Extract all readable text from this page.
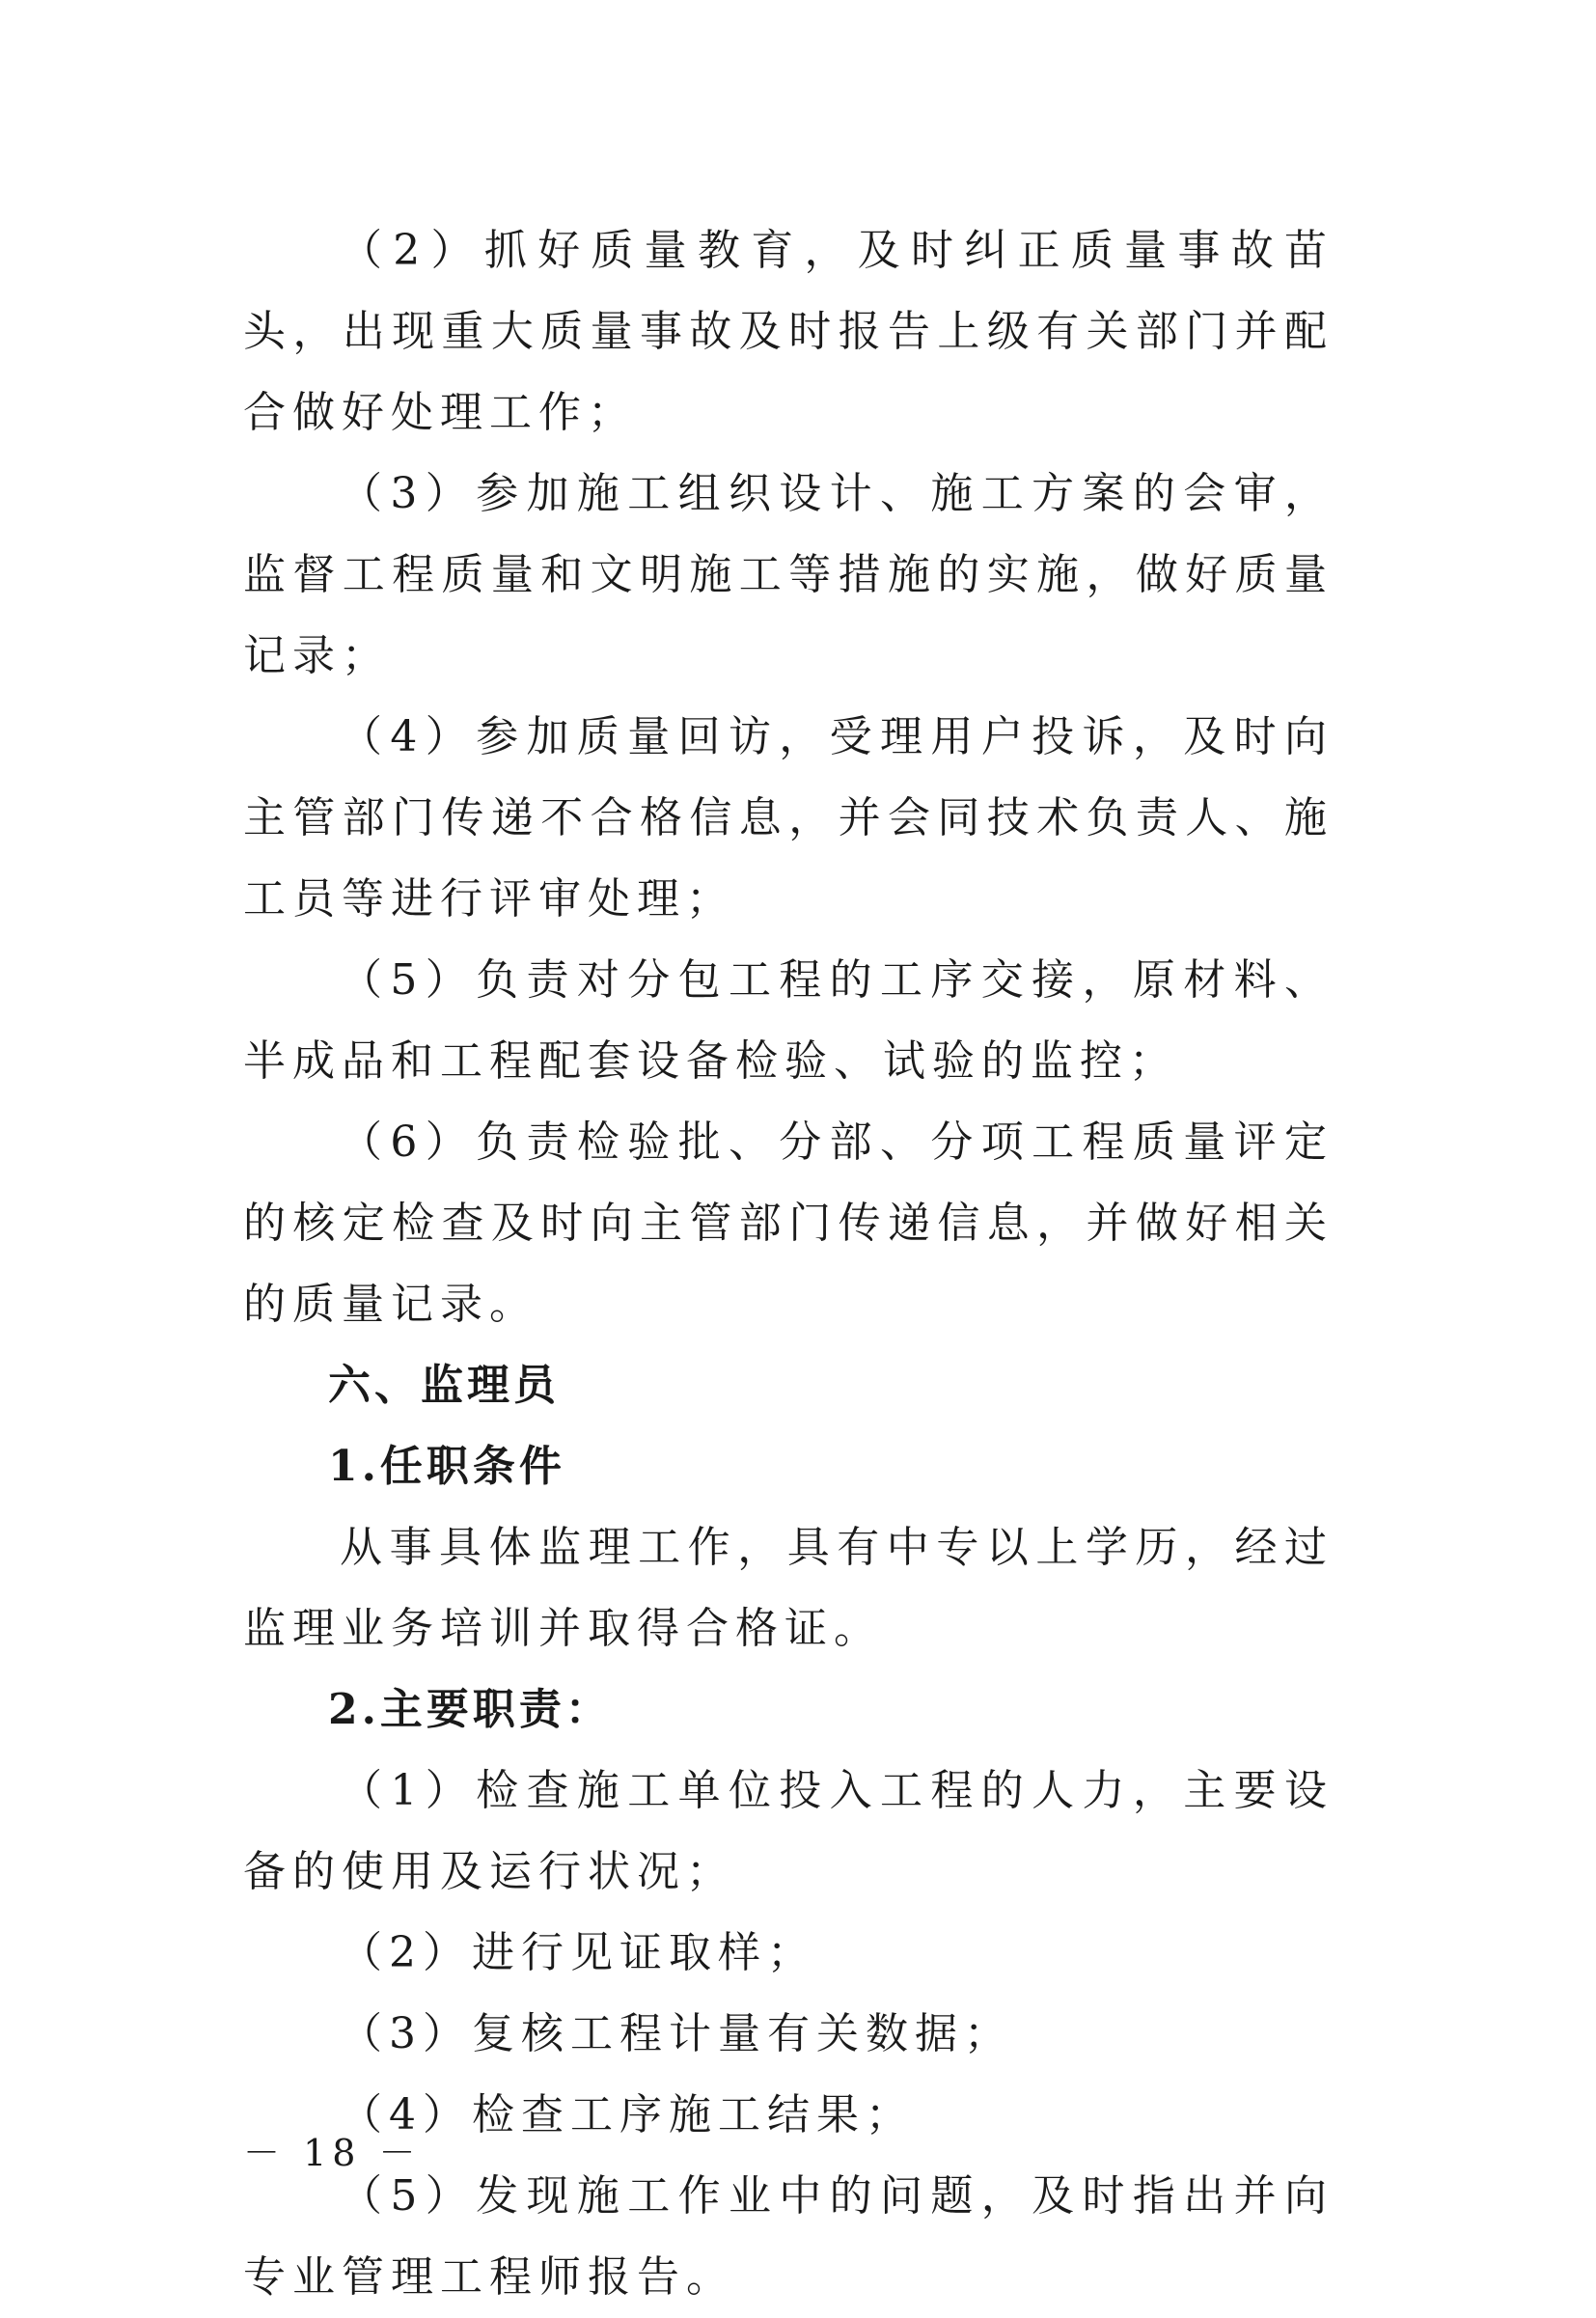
（2）抓好质量教育，及时纠正质量事故苗头，出现重大质量事故及时报告上级有关部门并配合做好处理工作；

（3）参加施工组织设计、施工方案的会审，监督工程质量和文明施工等措施的实施，做好质量记录；

（4）参加质量回访，受理用户投诉，及时向主管部门传递不合格信息，并会同技术负责人、施工员等进行评审处理；

（5）负责对分包工程的工序交接，原材料、半成品和工程配套设备检验、试验的监控；

（6）负责检验批、分部、分项工程质量评定的核定检查及时向主管部门传递信息，并做好相关的质量记录。

六、监理员

1.任职条件

从事具体监理工作，具有中专以上学历，经过监理业务培训并取得合格证。

2.主要职责：

（1）检查施工单位投入工程的人力，主要设备的使用及运行状况；

（2）进行见证取样；

（3）复核工程计量有关数据；

（4）检查工序施工结果；

（5）发现施工作业中的问题，及时指出并向专业管理工程师报告。

－ 18 －
